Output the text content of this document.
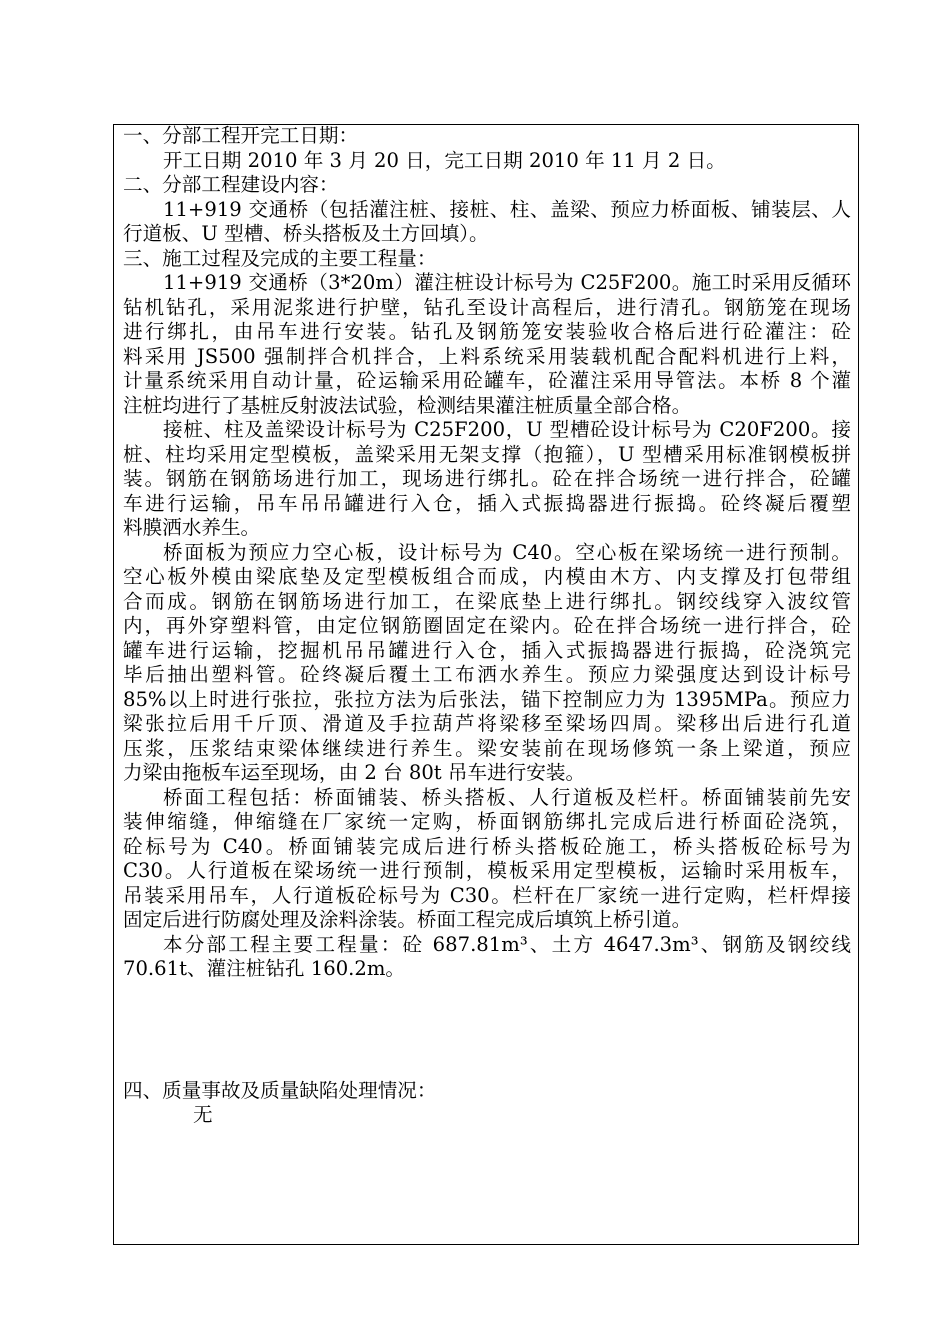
一、分部工程开完工日期：
开工日期 2010 年 3 月 20 日，完工日期 2010 年 11 月 2 日。
二、分部工程建设内容：
11+919 交通桥（包括灌注桩、接桩、柱、盖梁、预应力桥面板、铺装层、人
行道板、U 型槽、桥头搭板及土方回填）。
三、施工过程及完成的主要工程量：
11+919 交通桥（3*20m）灌注桩设计标号为 C25F200。施工时采用反循环
钻机钻孔，采用泥浆进行护壁，钻孔至设计高程后，进行清孔。钢筋笼在现场
进行绑扎，由吊车进行安装。钻孔及钢筋笼安装验收合格后进行砼灌注：砼
料采用 JS500 强制拌合机拌合，上料系统采用装载机配合配料机进行上料，
计量系统采用自动计量，砼运输采用砼罐车，砼灌注采用导管法。本桥 8 个灌
注桩均进行了基桩反射波法试验，检测结果灌注桩质量全部合格。
接桩、柱及盖梁设计标号为 C25F200，U 型槽砼设计标号为 C20F200。接
桩、柱均采用定型模板，盖梁采用无架支撑（抱箍），U 型槽采用标准钢模板拼
装。钢筋在钢筋场进行加工，现场进行绑扎。砼在拌合场统一进行拌合，砼罐
车进行运输，吊车吊吊罐进行入仓，插入式振捣器进行振捣。砼终凝后覆塑
料膜洒水养生。
桥面板为预应力空心板，设计标号为 C40。空心板在梁场统一进行预制。
空心板外模由梁底垫及定型模板组合而成，内模由木方、内支撑及打包带组
合而成。钢筋在钢筋场进行加工，在梁底垫上进行绑扎。钢绞线穿入波纹管
内，再外穿塑料管，由定位钢筋圈固定在梁内。砼在拌合场统一进行拌合，砼
罐车进行运输，挖掘机吊吊罐进行入仓，插入式振捣器进行振捣，砼浇筑完
毕后抽出塑料管。砼终凝后覆土工布洒水养生。预应力梁强度达到设计标号
85%以上时进行张拉，张拉方法为后张法，锚下控制应力为 1395MPa。预应力
梁张拉后用千斤顶、滑道及手拉葫芦将梁移至梁场四周。梁移出后进行孔道
压浆，压浆结束梁体继续进行养生。梁安装前在现场修筑一条上梁道，预应
力梁由拖板车运至现场，由 2 台 80t 吊车进行安装。
桥面工程包括：桥面铺装、桥头搭板、人行道板及栏杆。桥面铺装前先安
装伸缩缝，伸缩缝在厂家统一定购，桥面钢筋绑扎完成后进行桥面砼浇筑，
砼标号为 C40。桥面铺装完成后进行桥头搭板砼施工，桥头搭板砼标号为
C30。人行道板在梁场统一进行预制，模板采用定型模板，运输时采用板车，
吊装采用吊车，人行道板砼标号为 C30。栏杆在厂家统一进行定购，栏杆焊接
固定后进行防腐处理及涂料涂装。桥面工程完成后填筑上桥引道。
本分部工程主要工程量：砼 687.81m³、土方 4647.3m³、钢筋及钢绞线
70.61t、灌注桩钻孔 160.2m。
四、质量事故及质量缺陷处理情况：
无
